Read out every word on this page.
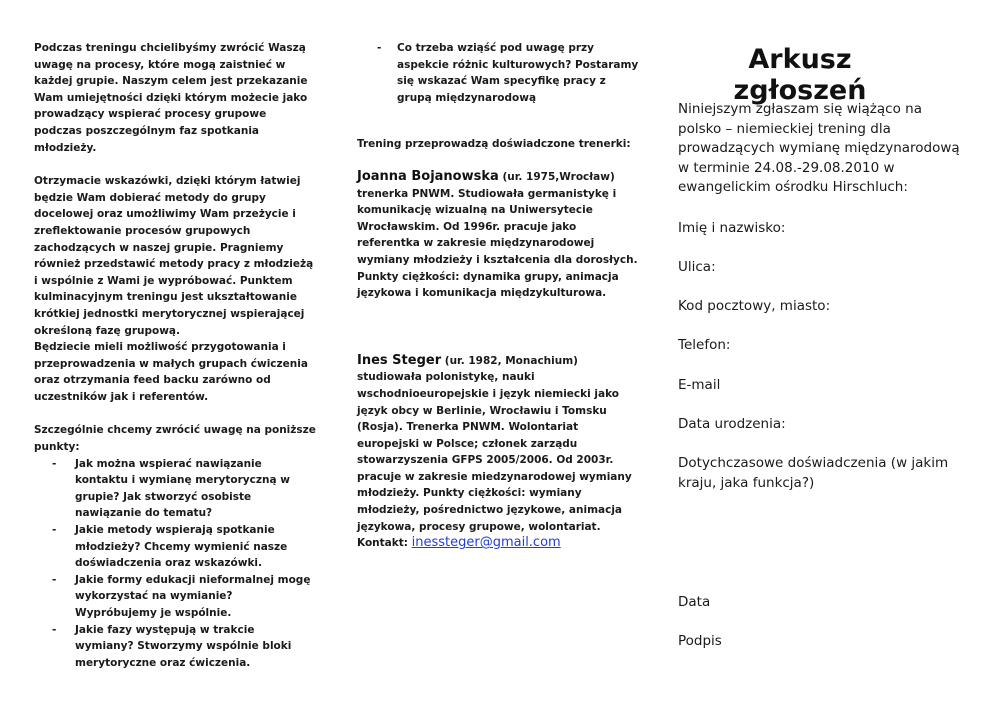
Podczas treningu chcielibyśmy zwrócić Waszą uwagę na procesy, które mogą zaistnieć w każdej grupie. Naszym celem jest przekazanie Wam umiejętności dzięki którym możecie jako prowadzący wspierać procesy grupowe podczas poszczególnym faz spotkania młodzieży.

Otrzymacie wskazówki, dzięki którym łatwiej będzie Wam dobierać metody do grupy docelowej oraz umożliwimy Wam przeżycie i zreflektowanie procesów grupowych zachodzących w naszej grupie. Pragniemy również przedstawić metody pracy z młodzieżą i wspólnie z Wami je wypróbować. Punktem kulminacyjnym treningu jest ukształtowanie krótkiej jednostki merytorycznej wspierającej określoną fazę grupową.

Będziecie mieli możliwość przygotowania i przeprowadzenia w małych grupach ćwiczenia oraz otrzymania feed backu zarówno od uczestników jak i referentów.

Szczególnie chcemy zwrócić uwagę na poniższe punkty:

- Jak można wspierać nawiązanie kontaktu i wymianę merytoryczną w grupie? Jak stworzyć osobiste nawiązanie do tematu?
- Jakie metody wspierają spotkanie młodzieży? Chcemy wymienić nasze doświadczenia oraz wskazówki.
- Jakie formy edukacji nieformalnej mogę wykorzystać na wymianie? Wypróbujemy je wspólnie.
- Jakie fazy występują w trakcie wymiany? Stworzymy wspólnie bloki merytoryczne oraz ćwiczenia.
- Co trzeba wziąść pod uwagę przy aspekcie różnic kulturowych? Postaramy się wskazać Wam specyfikę pracy z grupą międzynarodową

Trening przeprowadzą doświadczone trenerki:

Joanna Bojanowska (ur. 1975,Wrocław)
trenerka PNWM. Studiowała germanistykę i komunikację wizualną na Uniwersytecie Wrocławskim. Od 1996r. pracuje jako referentka w zakresie międzynarodowej wymiany młodzieży i kształcenia dla dorosłych. Punkty ciężkości: dynamika grupy, animacja językowa i komunikacja międzykulturowa.

Ines Steger (ur. 1982, Monachium)
studiowała polonistykę, nauki wschodnioeuropejskie i język niemiecki jako język obcy w Berlinie, Wrocławiu i Tomsku (Rosja). Trenerka PNWM. Wolontariat europejski w Polsce; członek zarządu stowarzyszenia GFPS 2005/2006. Od 2003r. pracuje w zakresie miedzynarodowej wymiany młodzieży. Punkty ciężkości: wymiany młodzieży, pośrednictwo językowe, animacja językowa, procesy grupowe, wolontariat.
Kontakt: inessteger@gmail.com

Arkusz zgłoszeń

Niniejszym zgłaszam się wiążąco na polsko – niemieckiej trening dla prowadzących wymianę międzynarodową w terminie 24.08.-29.08.2010 w ewangelickim ośrodku Hirschluch:

Imię i nazwisko:

Ulica:

Kod pocztowy, miasto:

Telefon:

E-mail

Data urodzenia:

Dotychczasowe doświadczenia (w jakim kraju, jaka funkcja?)

Data

Podpis
